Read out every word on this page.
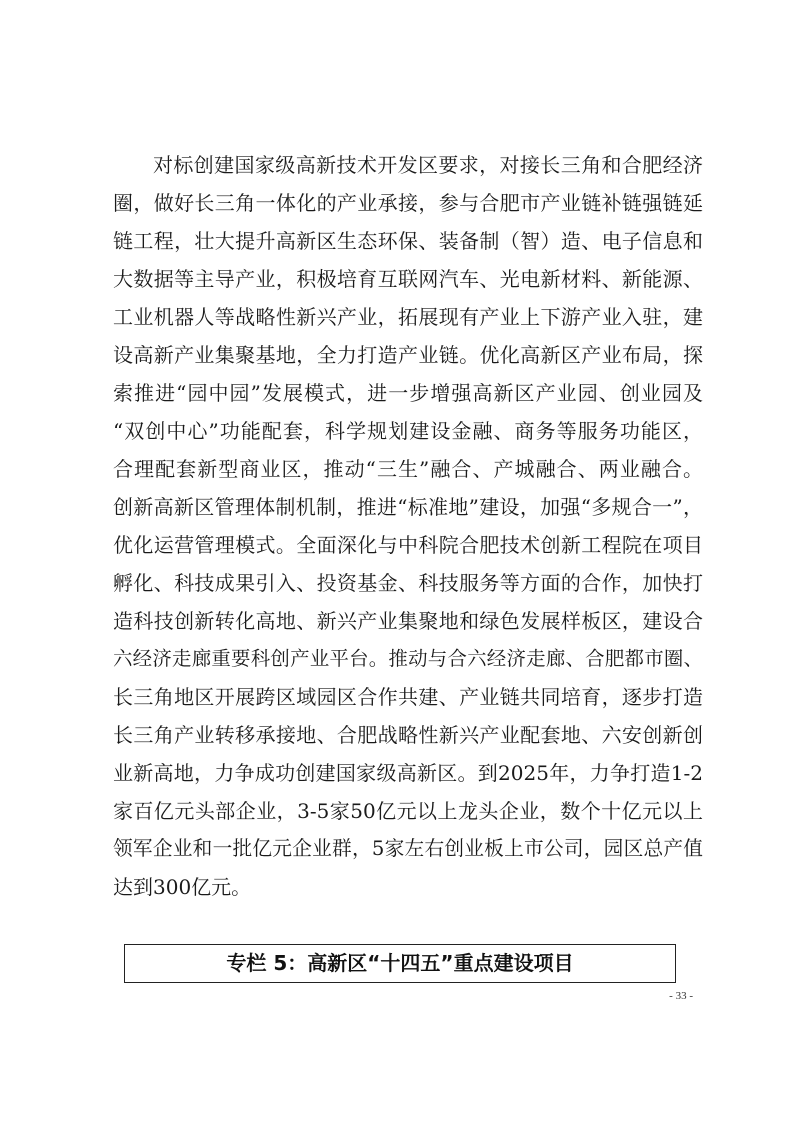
对标创建国家级高新技术开发区要求，对接长三角和合肥经济
圈，做好长三角一体化的产业承接，参与合肥市产业链补链强链延
链工程，壮大提升高新区生态环保、装备制（智）造、电子信息和
大数据等主导产业，积极培育互联网汽车、光电新材料、新能源、
工业机器人等战略性新兴产业，拓展现有产业上下游产业入驻，建
设高新产业集聚基地，全力打造产业链。优化高新区产业布局，探
索推进“园中园”发展模式，进一步增强高新区产业园、创业园及
“双创中心”功能配套，科学规划建设金融、商务等服务功能区，
合理配套新型商业区，推动“三生”融合、产城融合、两业融合。
创新高新区管理体制机制，推进“标准地”建设，加强“多规合一”，
优化运营管理模式。全面深化与中科院合肥技术创新工程院在项目
孵化、科技成果引入、投资基金、科技服务等方面的合作，加快打
造科技创新转化高地、新兴产业集聚地和绿色发展样板区，建设合
六经济走廊重要科创产业平台。推动与合六经济走廊、合肥都市圈、
长三角地区开展跨区域园区合作共建、产业链共同培育，逐步打造
长三角产业转移承接地、合肥战略性新兴产业配套地、六安创新创
业新高地，力争成功创建国家级高新区。到2025年，力争打造1-2
家百亿元头部企业，3-5家50亿元以上龙头企业，数个十亿元以上
领军企业和一批亿元企业群，5家左右创业板上市公司，园区总产值
达到300亿元。
专栏 5：高新区“十四五”重点建设项目
- 33 -
